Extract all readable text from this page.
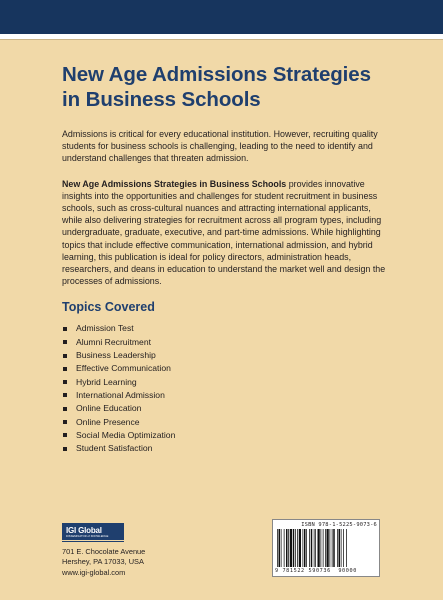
New Age Admissions Strategies
in Business Schools

Admissions is critical for every educational institution. However, recruiting quality students for business schools is challenging, leading to the need to identify and understand challenges that threaten admission.

New Age Admissions Strategies in Business Schools provides innovative insights into the opportunities and challenges for student recruitment in business schools, such as cross-cultural nuances and attracting international applicants, while also delivering strategies for recruitment across all program types, including undergraduate, graduate, executive, and part-time admissions. While highlighting topics that include effective communication, international admission, and hybrid learning, this publication is ideal for policy directors, administration heads, researchers, and deans in education to understand the market well and design the processes of admissions.

Topics Covered
Admission Test
Alumni Recruitment
Business Leadership
Effective Communication
Hybrid Learning
International Admission
Online Education
Online Presence
Social Media Optimization
Student Satisfaction
IGI Global
DISSEMINATOR of KNOWLEDGE
701 E. Chocolate Avenue
Hershey, PA 17033, USA
www.igi-global.com
ISBN 978-1-5225-9073-6
9 781522 590736 90000
